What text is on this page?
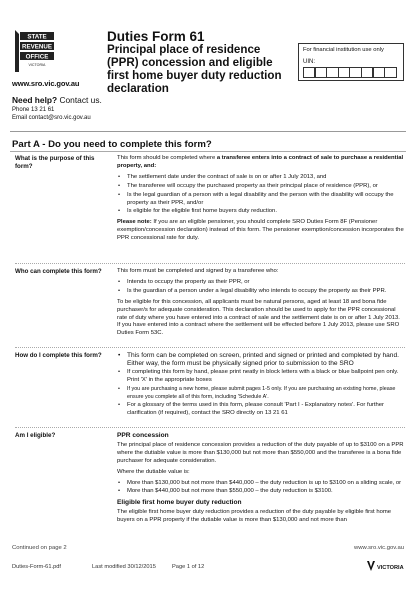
STATE
REVENUE
OFFICE
VICTORIA
www.sro.vic.gov.au
Duties Form 61
Principal place of residence (PPR) concession and eligible first home buyer duty reduction declaration
For financial institution use only
UIN:
Need help? Contact us.
Phone 13 21 61
Email contact@sro.vic.gov.au
Part A - Do you need to complete this form?
What is the purpose of this form?

This form should be completed where a transferee enters into a contract of sale to purchase a residential property, and:

• The settlement date under the contract of sale is on or after 1 July 2013, and
• The transferee will occupy the purchased property as their principal place of residence (PPR), or
• Is the legal guardian of a person with a legal disability and the person with the disability will occupy the property as their PPR, and/or
• Is eligible for the eligible first home buyers duty reduction.

Please note: If you are an eligible pensioner, you should complete SRO Duties Form 8F (Pensioner exemption/concession declaration) instead of this form. The pensioner exemption/concession incorporates the PPR concessional rate for duty.

Who can complete this form?	This form must be completed and signed by a transferee who:

• Intends to occupy the property as their PPR, or
• Is the guardian of a person under a legal disability who intends to occupy the property as their PPR.

To be eligible for this concession, all applicants must be natural persons, aged at least 18 and bona fide purchaser/s for adequate consideration. This declaration should be used to apply for the PPR concessional rate of duty where you have entered into a contract of sale and the settlement date is on or after 1 July 2013. If you have entered into a contract where the settlement will be effected before 1 July 2013, please use SRO Duties Form 53C.

How do I complete this form?
•	This form can be completed on screen, printed and signed or printed and completed by hand. Either way, the form must be physically signed prior to submission to the SRO
• If completing this form by hand, please print neatly in block letters with a black or blue ballpoint pen only. Print 'X' in the appropriate boxes
• If you are purchasing a new home, please submit pages 1-5 only. If you are purchasing an existing home, please ensure you complete all of this form, including 'Schedule A'.
• For a glossary of the terms used in this form, please consult 'Part I - Explanatory notes'. For further clarification (if required), contact the SRO directly on 13 21 61
Am I eligible?	PPR concession

The principal place of residence concession provides a reduction of the duty payable of up to $3100 on a PPR where the dutiable value is more than $130,000 but not more than $550,000 and the transferee is a bona fide purchaser for adequate consideration.

Where the dutiable value is:

• More than $130,000 but not more than $440,000 – the duty reduction is up to $3100 on a sliding scale, or
• More than $440,000 but not more than $550,000 – the duty reduction is $3100.
Eligible first home buyer duty reduction

The eligible first home buyer duty reduction provides a reduction of the duty payable by eligible first home buyers on a PPR property if the dutiable value is more than $130,000 and not more than

Continued on page 2	www.sro.vic.gov.au
Duties-Form-61.pdf	Last modified 30/12/2015	Page 1 of 12	VICTORIA
